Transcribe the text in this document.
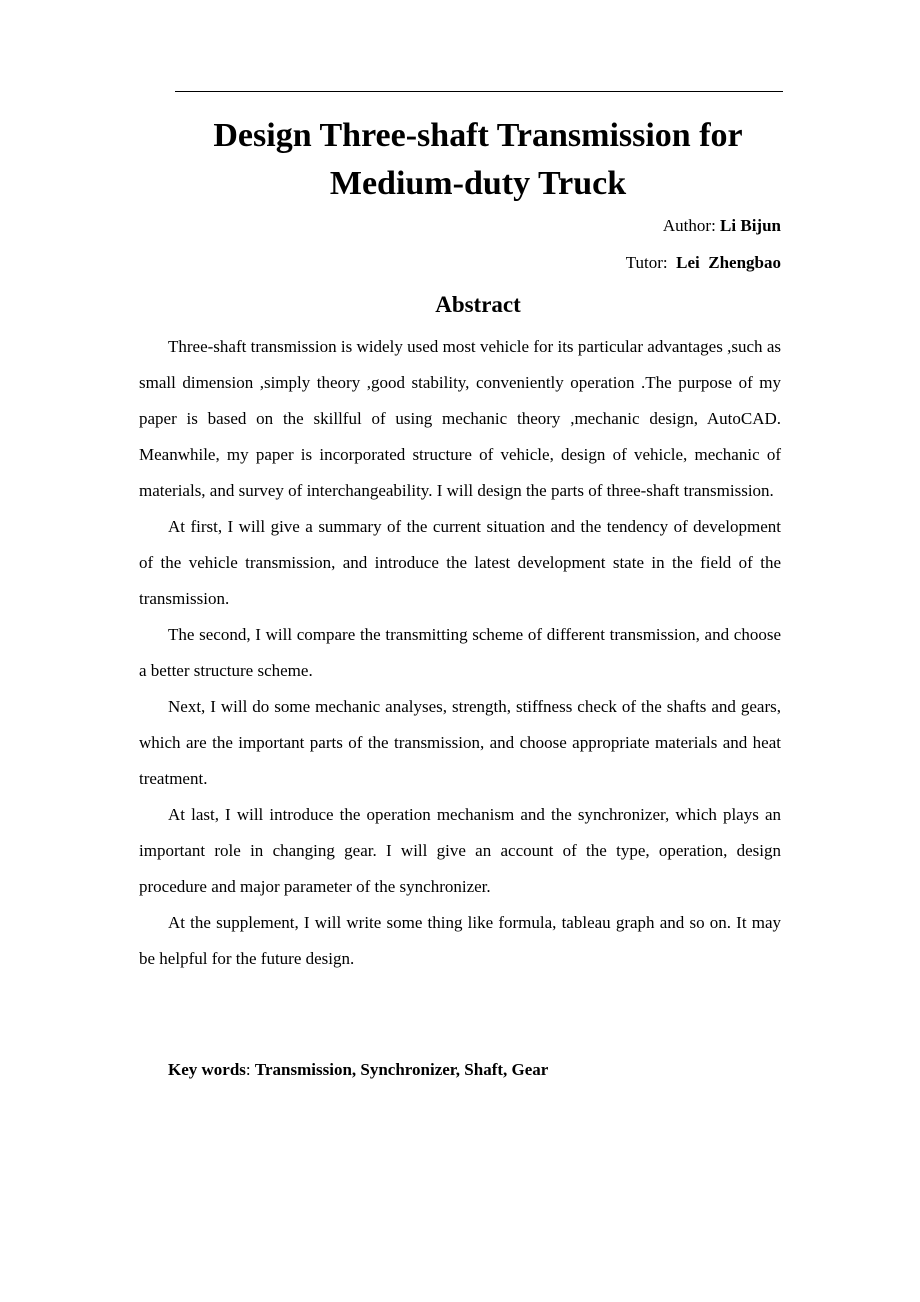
Design Three-shaft Transmission for
Medium-duty Truck
Author: Li Bijun
Tutor: Lei  Zhengbao
Abstract

Three-shaft transmission is widely used most vehicle for its particular advantages ,such as small dimension ,simply theory ,good stability, conveniently operation .The purpose of my paper is based on the skillful of using mechanic theory ,mechanic design, AutoCAD. Meanwhile, my paper is incorporated structure of vehicle, design of vehicle, mechanic of materials, and survey of interchangeability. I will design the parts of three-shaft transmission.

At first, I will give a summary of the current situation and the tendency of development of the vehicle transmission, and introduce the latest development state in the field of the transmission.

The second, I will compare the transmitting scheme of different transmission, and choose a better structure scheme.

Next, I will do some mechanic analyses, strength, stiffness check of the shafts and gears, which are the important parts of the transmission, and choose appropriate materials and heat treatment.

At last, I will introduce the operation mechanism and the synchronizer, which plays an important role in changing gear. I will give an account of the type, operation, design procedure and major parameter of the synchronizer.

At the supplement, I will write some thing like formula, tableau graph and so on. It may be helpful for the future design.

Key words: Transmission, Synchronizer, Shaft, Gear
